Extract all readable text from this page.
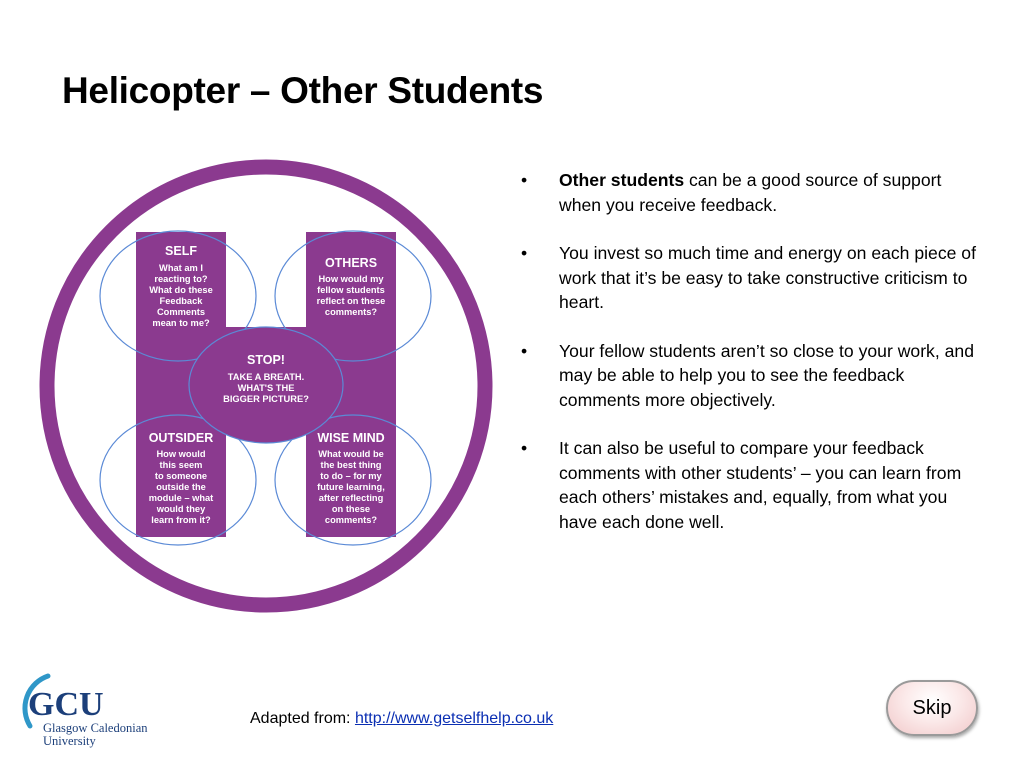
Helicopter – Other Students
SELF
What am I
reacting to?
What do these
Feedback
Comments
mean to me?
OTHERS
How would my
fellow students
reflect on these
comments?
STOP!
TAKE A BREATH.
WHAT'S THE
BIGGER PICTURE?
OUTSIDER
How would
this seem
to someone
outside the
module – what
would they
learn from it?
WISE MIND
What would be
the best thing
to do – for my
future learning,
after reflecting
on these
comments?
• Other students can be a good source of support when you receive feedback.
• You invest so much time and energy on each piece of work that it’s be easy to take constructive criticism to heart.
• Your fellow students aren’t so close to your work, and may be able to help you to see the feedback comments more objectively.
• It can also be useful to compare your feedback comments with other students’ – you can learn from each others’ mistakes and, equally, from what you have each done well.
GCU
Glasgow Caledonian
University
Adapted from: http://www.getselfhelp.co.uk	Skip
